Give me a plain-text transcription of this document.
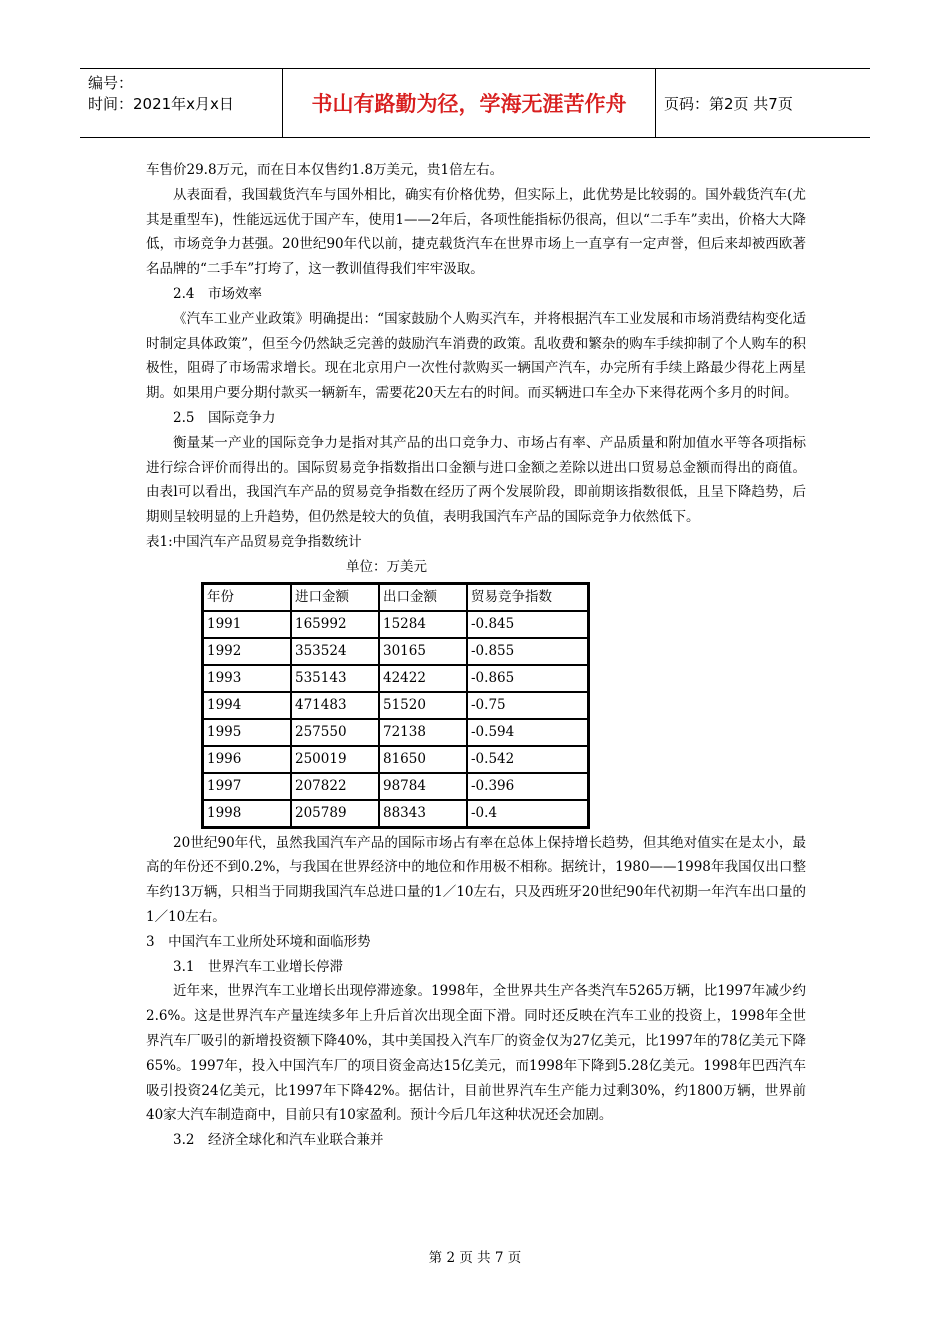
编号：
时间：2021年x月x日	书山有路勤为径，学海无涯苦作舟	页码：第2页 共7页

车售价29.8万元，而在日本仅售约1.8万美元，贵1倍左右。

从表面看，我国载货汽车与国外相比，确实有价格优势，但实际上，此优势是比较弱的。国外载货汽车(尤其是重型车)，性能远远优于国产车，使用1——2年后，各项性能指标仍很高，但以“二手车”卖出，价格大大降低，市场竞争力甚强。20世纪90年代以前，捷克载货汽车在世界市场上一直享有一定声誉，但后来却被西欧著名品牌的“二手车”打垮了，这一教训值得我们牢牢汲取。

2.4　市场效率

《汽车工业产业政策》明确提出：“国家鼓励个人购买汽车，并将根据汽车工业发展和市场消费结构变化适时制定具体政策”，但至今仍然缺乏完善的鼓励汽车消费的政策。乱收费和繁杂的购车手续抑制了个人购车的积极性，阻碍了市场需求增长。现在北京用户一次性付款购买一辆国产汽车，办完所有手续上路最少得花上两星期。如果用户要分期付款买一辆新车，需要花20天左右的时间。而买辆进口车全办下来得花两个多月的时间。

2.5　国际竞争力

衡量某一产业的国际竞争力是指对其产品的出口竞争力、市场占有率、产品质量和附加值水平等各项指标进行综合评价而得出的。国际贸易竞争指数指出口金额与进口金额之差除以进出口贸易总金额而得出的商值。由表l可以看出，我国汽车产品的贸易竞争指数在经历了两个发展阶段，即前期该指数很低，且呈下降趋势，后期则呈较明显的上升趋势，但仍然是较大的负值，表明我国汽车产品的国际竞争力依然低下。

表1:中国汽车产品贸易竞争指数统计

单位：万美元

年份	进口金额	出口金额	贸易竞争指数
1991	165992	15284	-0.845
1992	353524	30165	-0.855
1993	535143	42422	-0.865
1994	471483	51520	-0.75
1995	257550	72138	-0.594
1996	250019	81650	-0.542
1997	207822	98784	-0.396
1998	205789	88343	-0.4

20世纪90年代，虽然我国汽车产品的国际市场占有率在总体上保持增长趋势，但其绝对值实在是太小，最高的年份还不到0.2%，与我国在世界经济中的地位和作用极不相称。据统计，1980——1998年我国仅出口整车约13万辆，只相当于同期我国汽车总进口量的1／10左右，只及西班牙20世纪90年代初期一年汽车出口量的1／10左右。

3　中国汽车工业所处环境和面临形势

3.1　世界汽车工业增长停滞

近年来，世界汽车工业增长出现停滞迹象。1998年，全世界共生产各类汽车5265万辆，比1997年减少约2.6%。这是世界汽车产量连续多年上升后首次出现全面下滑。同时还反映在汽车工业的投资上，1998年全世界汽车厂吸引的新增投资额下降40%，其中美国投入汽车厂的资金仅为27亿美元，比1997年的78亿美元下降65%。1997年，投入中国汽车厂的项目资金高达15亿美元，而1998年下降到5.28亿美元。1998年巴西汽车吸引投资24亿美元，比1997年下降42%。据估计，目前世界汽车生产能力过剩30%，约1800万辆，世界前40家大汽车制造商中，目前只有10家盈利。预计今后几年这种状况还会加剧。

3.2　经济全球化和汽车业联合兼并

第 2 页 共 7 页
